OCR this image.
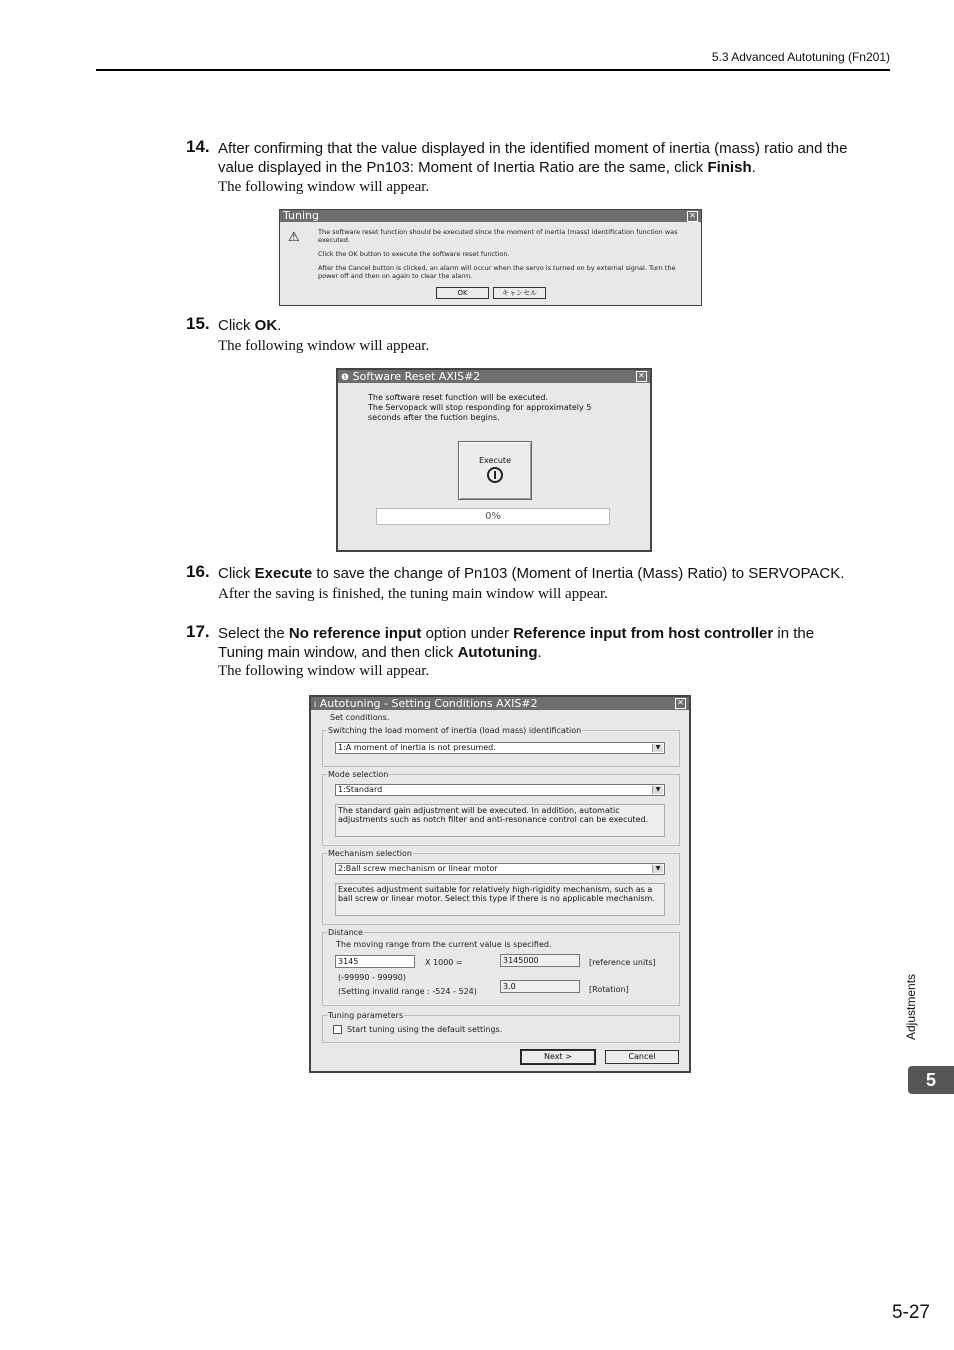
5.3 Advanced Autotuning (Fn201)
14. After confirming that the value displayed in the identified moment of inertia (mass) ratio and the
value displayed in the Pn103: Moment of Inertia Ratio are the same, click Finish.
The following window will appear.
Tuning	✕
⚠	The software reset function should be executed since the moment of inertia (mass) identification function was executed.
Click the OK button to execute the software reset function.
After the Cancel button is clicked, an alarm will occur when the servo is turned on by external signal. Turn the power off and then on again to clear the alarm.
OK	キャンセル
15. Click OK.
The following window will appear.
❶ Software Reset AXIS#2	✕
The software reset function will be executed.
The Servopack will stop responding for approximately 5
seconds after the fuction begins.
Execute
0%
16. Click Execute to save the change of Pn103 (Moment of Inertia (Mass) Ratio) to SERVOPACK.
After the saving is finished, the tuning main window will appear.
17. Select the No reference input option under Reference input from host controller in the
Tuning main window, and then click Autotuning.
The following window will appear.
i Autotuning - Setting Conditions AXIS#2	✕
Set conditions.
Switching the load moment of inertia (load mass) identification
1:A moment of inertia is not presumed.	▼
Mode selection
1:Standard	▼
The standard gain adjustment will be executed. In addition, automatic
adjustments such as notch filter and anti-resonance control can be executed.
Mechanism selection
2:Ball screw mechanism or linear motor	▼
Executes adjustment suitable for relatively high-rigidity mechanism, such as a
ball screw or linear motor. Select this type if there is no applicable mechanism.
Distance
The moving range from the current value is specified.
3145	X 1000 =	3145000	[reference units]
(-99990 - 99990)
(Setting invalid range : -524 - 524)
3.0	[Rotation]
Tuning parameters
Start tuning using the default settings.
Next >	Cancel
Adjustments
5
5-27
